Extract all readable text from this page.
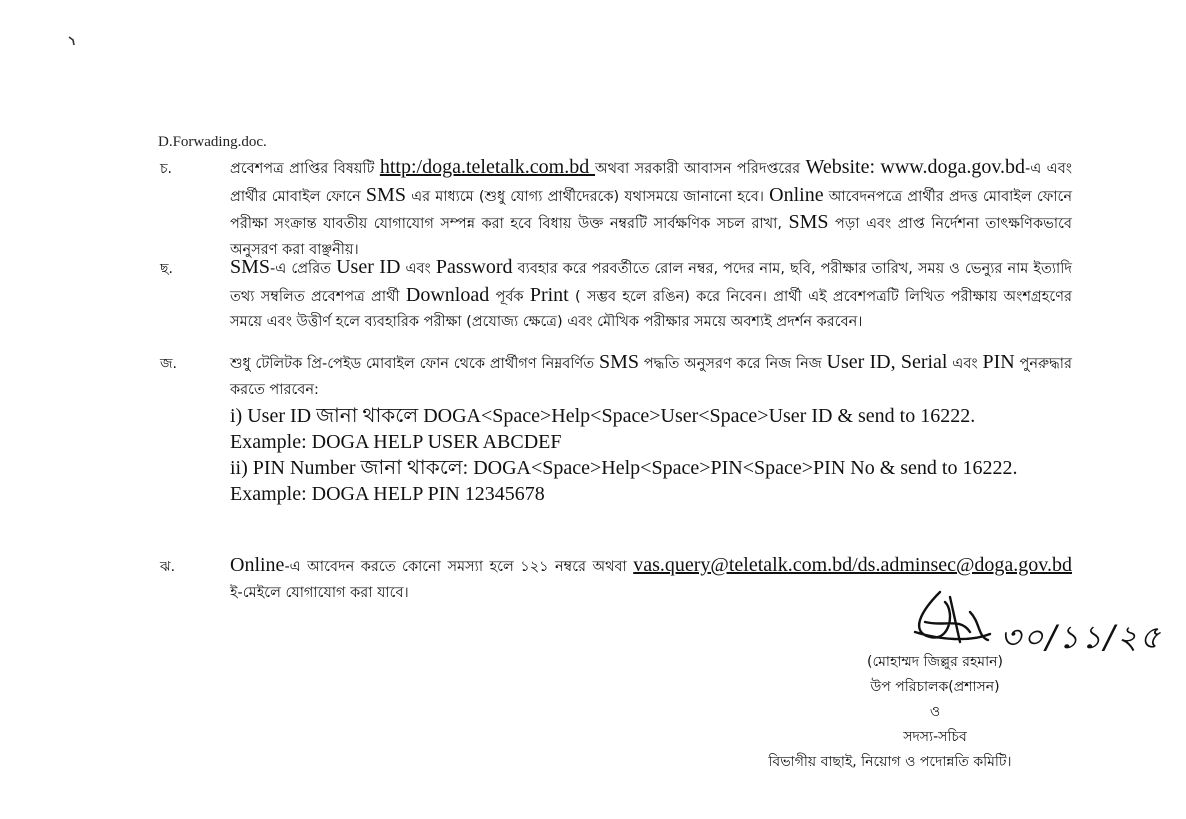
D.Forwading.doc.
চ.	প্রবেশপত্র প্রাপ্তির বিষয়টি http:/doga.teletalk.com.bd অথবা সরকারী আবাসন পরিদপ্তরের Website: www.doga.gov.bd-এ এবং প্রার্থীর মোবাইল ফোনে SMS এর মাধ্যমে (শুধু যোগ্য প্রার্থীদেরকে) যথাসময়ে জানানো হবে। Online আবেদনপত্রে প্রার্থীর প্রদত্ত মোবাইল ফোনে পরীক্ষা সংক্রান্ত যাবতীয় যোগাযোগ সম্পন্ন করা হবে বিধায় উক্ত নম্বরটি সার্বক্ষণিক সচল রাখা, SMS পড়া এবং প্রাপ্ত নির্দেশনা তাৎক্ষণিকভাবে অনুসরণ করা বাঞ্ছনীয়।
ছ.	SMS-এ প্রেরিত User ID এবং Password ব্যবহার করে পরবর্তীতে রোল নম্বর, পদের নাম, ছবি, পরীক্ষার তারিখ, সময় ও ভেন্যুর নাম ইত্যাদি তথ্য সম্বলিত প্রবেশপত্র প্রার্থী Download পূর্বক Print ( সম্ভব হলে রঙিন) করে নিবেন। প্রার্থী এই প্রবেশপত্রটি লিখিত পরীক্ষায় অংশগ্রহণের সময়ে এবং উত্তীর্ণ হলে ব্যবহারিক পরীক্ষা (প্রযোজ্য ক্ষেত্রে) এবং মৌখিক পরীক্ষার সময়ে অবশ্যই প্রদর্শন করবেন।
জ.	শুধু টেলিটক প্রি-পেইড মোবাইল ফোন থেকে প্রার্থীগণ নিম্নবর্ণিত SMS পদ্ধতি অনুসরণ করে নিজ নিজ User ID, Serial এবং PIN পুনরুদ্ধার করতে পারবেন:
i) User ID জানা থাকলে DOGA<Space>Help<Space>User<Space>User ID & send to 16222.
Example: DOGA HELP USER ABCDEF
ii) PIN Number জানা থাকলে: DOGA<Space>Help<Space>PIN<Space>PIN No & send to 16222.
Example: DOGA HELP PIN 12345678
ঝ.	Online-এ আবেদন করতে কোনো সমস্যা হলে ১২১ নম্বরে অথবা vas.query@teletalk.com.bd/ds.adminsec@doga.gov.bd ই-মেইলে যোগাযোগ করা যাবে।
৩০/১১/২৫
(মোহাম্মদ জিল্লুর রহমান)
উপ পরিচালক(প্রশাসন)
ও
সদস্য-সচিব
বিভাগীয় বাছাই, নিয়োগ ও পদোন্নতি কমিটি।
